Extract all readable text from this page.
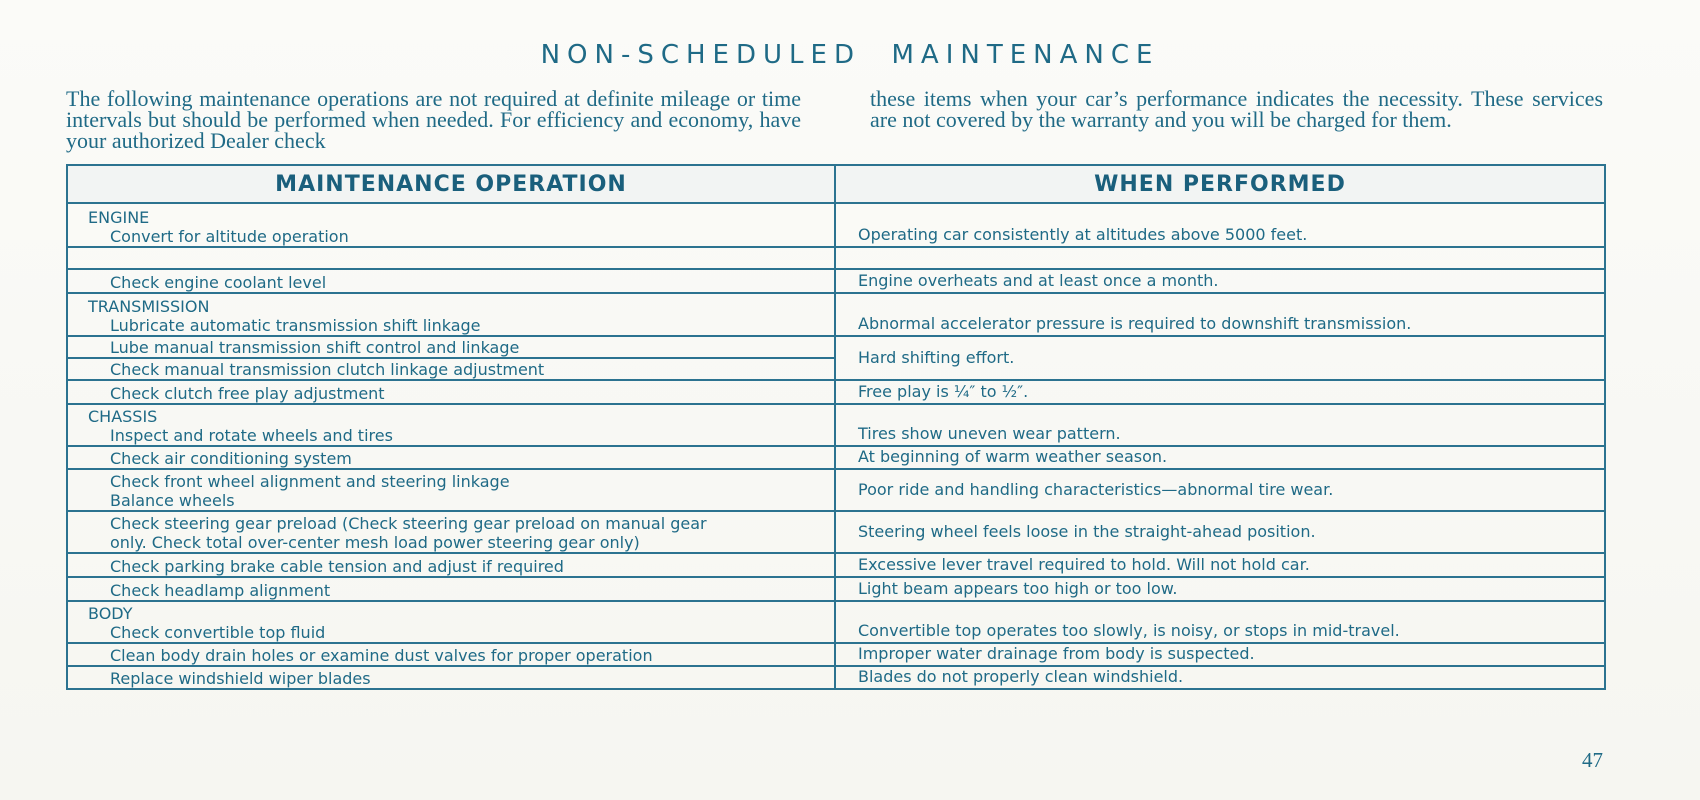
NON-SCHEDULED  MAINTENANCE
The following maintenance operations are not required at definite mileage or time intervals but should be performed when needed. For efficiency and economy, have your authorized Dealer check
these items when your car’s performance indicates the necessity. These services are not covered by the warranty and you will be charged for them.
MAINTENANCE OPERATION	WHEN PERFORMED

ENGINE
Convert for altitude operation	Operating car consistently at altitudes above 5000 feet.

Check engine coolant level	Engine overheats and at least once a month.

TRANSMISSION
Lubricate automatic transmission shift linkage	Abnormal accelerator pressure is required to downshift transmission.

Lube manual transmission shift control and linkage	Hard shifting effort.

Check manual transmission clutch linkage adjustment	

Check clutch free play adjustment	Free play is ¼″ to ½″.

CHASSIS
Inspect and rotate wheels and tires	Tires show uneven wear pattern.

Check air conditioning system	At beginning of warm weather season.

Check front wheel alignment and steering linkage
Balance wheels	Poor ride and handling characteristics—abnormal tire wear.

Check steering gear preload (Check steering gear preload on manual gear
only. Check total over-center mesh load power steering gear only)	Steering wheel feels loose in the straight-ahead position.

Check parking brake cable tension and adjust if required	Excessive lever travel required to hold. Will not hold car.

Check headlamp alignment	Light beam appears too high or too low.

BODY
Check convertible top fluid	Convertible top operates too slowly, is noisy, or stops in mid-travel.

Clean body drain holes or examine dust valves for proper operation	Improper water drainage from body is suspected.

Replace windshield wiper blades	Blades do not properly clean windshield.
47
